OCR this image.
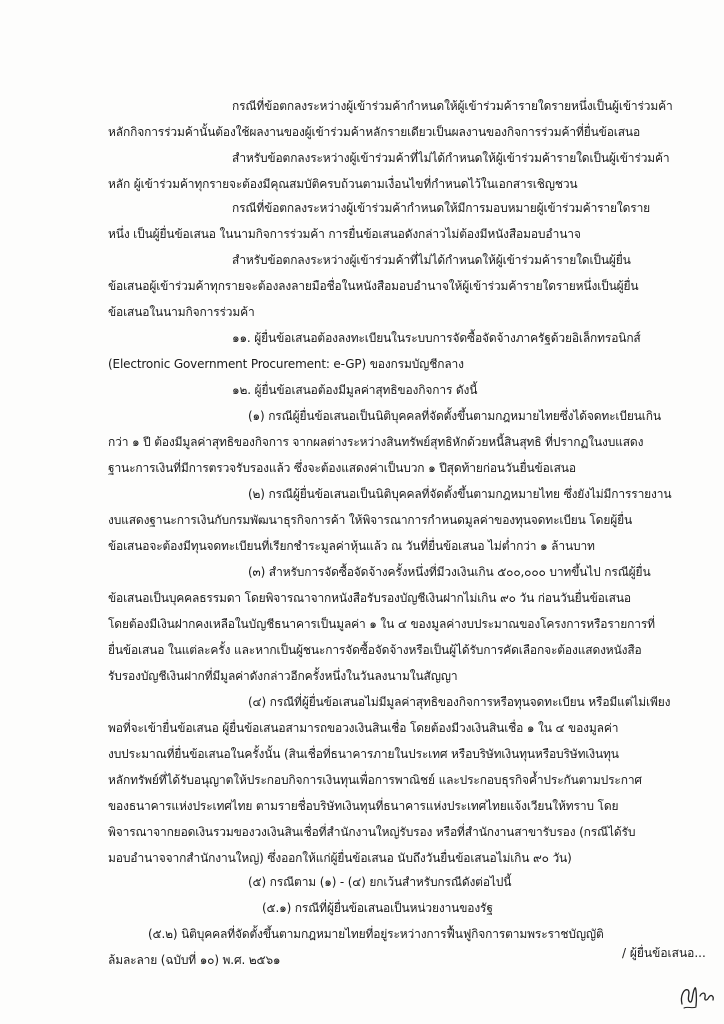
กรณีที่ข้อตกลงระหว่างผู้เข้าร่วมค้ากำหนดให้ผู้เข้าร่วมค้ารายใดรายหนึ่งเป็นผู้เข้าร่วมค้า
หลักกิจการร่วมค้านั้นต้องใช้ผลงานของผู้เข้าร่วมค้าหลักรายเดียวเป็นผลงานของกิจการร่วมค้าที่ยื่นข้อเสนอ
สำหรับข้อตกลงระหว่างผู้เข้าร่วมค้าที่ไม่ได้กำหนดให้ผู้เข้าร่วมค้ารายใดเป็นผู้เข้าร่วมค้า
หลัก ผู้เข้าร่วมค้าทุกรายจะต้องมีคุณสมบัติครบถ้วนตามเงื่อนไขที่กำหนดไว้ในเอกสารเชิญชวน
กรณีที่ข้อตกลงระหว่างผู้เข้าร่วมค้ากำหนดให้มีการมอบหมายผู้เข้าร่วมค้ารายใดราย
หนึ่ง เป็นผู้ยื่นข้อเสนอ ในนามกิจการร่วมค้า การยื่นข้อเสนอดังกล่าวไม่ต้องมีหนังสือมอบอำนาจ
สำหรับข้อตกลงระหว่างผู้เข้าร่วมค้าที่ไม่ได้กำหนดให้ผู้เข้าร่วมค้ารายใดเป็นผู้ยื่น
ข้อเสนอผู้เข้าร่วมค้าทุกรายจะต้องลงลายมือชื่อในหนังสือมอบอำนาจให้ผู้เข้าร่วมค้ารายใดรายหนึ่งเป็นผู้ยื่น
ข้อเสนอในนามกิจการร่วมค้า
๑๑. ผู้ยื่นข้อเสนอต้องลงทะเบียนในระบบการจัดซื้อจัดจ้างภาครัฐด้วยอิเล็กทรอนิกส์
(Electronic Government Procurement: e-GP) ของกรมบัญชีกลาง
๑๒. ผู้ยื่นข้อเสนอต้องมีมูลค่าสุทธิของกิจการ ดังนี้
(๑) กรณีผู้ยื่นข้อเสนอเป็นนิติบุคคลที่จัดตั้งขึ้นตามกฎหมายไทยซึ่งได้จดทะเบียนเกิน
กว่า ๑ ปี ต้องมีมูลค่าสุทธิของกิจการ จากผลต่างระหว่างสินทรัพย์สุทธิหักด้วยหนี้สินสุทธิ ที่ปรากฏในงบแสดง
ฐานะการเงินที่มีการตรวจรับรองแล้ว ซึ่งจะต้องแสดงค่าเป็นบวก ๑ ปีสุดท้ายก่อนวันยื่นข้อเสนอ
(๒) กรณีผู้ยื่นข้อเสนอเป็นนิติบุคคลที่จัดตั้งขึ้นตามกฎหมายไทย ซึ่งยังไม่มีการรายงาน
งบแสดงฐานะการเงินกับกรมพัฒนาธุรกิจการค้า ให้พิจารณาการกำหนดมูลค่าของทุนจดทะเบียน โดยผู้ยื่น
ข้อเสนอจะต้องมีทุนจดทะเบียนที่เรียกชำระมูลค่าหุ้นแล้ว ณ วันที่ยื่นข้อเสนอ ไม่ต่ำกว่า ๑ ล้านบาท
(๓) สำหรับการจัดซื้อจัดจ้างครั้งหนึ่งที่มีวงเงินเกิน ๕๐๐,๐๐๐ บาทขึ้นไป กรณีผู้ยื่น
ข้อเสนอเป็นบุคคลธรรมดา โดยพิจารณาจากหนังสือรับรองบัญชีเงินฝากไม่เกิน ๙๐ วัน ก่อนวันยื่นข้อเสนอ
โดยต้องมีเงินฝากคงเหลือในบัญชีธนาคารเป็นมูลค่า ๑ ใน ๔ ของมูลค่างบประมาณของโครงการหรือรายการที่
ยื่นข้อเสนอ ในแต่ละครั้ง และหากเป็นผู้ชนะการจัดซื้อจัดจ้างหรือเป็นผู้ได้รับการคัดเลือกจะต้องแสดงหนังสือ
รับรองบัญชีเงินฝากที่มีมูลค่าดังกล่าวอีกครั้งหนึ่งในวันลงนามในสัญญา
(๔) กรณีที่ผู้ยื่นข้อเสนอไม่มีมูลค่าสุทธิของกิจการหรือทุนจดทะเบียน หรือมีแต่ไม่เพียง
พอที่จะเข้ายื่นข้อเสนอ ผู้ยื่นข้อเสนอสามารถขอวงเงินสินเชื่อ โดยต้องมีวงเงินสินเชื่อ ๑ ใน ๔ ของมูลค่า
งบประมาณที่ยื่นข้อเสนอในครั้งนั้น (สินเชื่อที่ธนาคารภายในประเทศ หรือบริษัทเงินทุนหรือบริษัทเงินทุน
หลักทรัพย์ที่ได้รับอนุญาตให้ประกอบกิจการเงินทุนเพื่อการพาณิชย์ และประกอบธุรกิจค้ำประกันตามประกาศ
ของธนาคารแห่งประเทศไทย ตามรายชื่อบริษัทเงินทุนที่ธนาคารแห่งประเทศไทยแจ้งเวียนให้ทราบ โดย
พิจารณาจากยอดเงินรวมของวงเงินสินเชื่อที่สำนักงานใหญ่รับรอง หรือที่สำนักงานสาขารับรอง (กรณีได้รับ
มอบอำนาจจากสำนักงานใหญ่) ซึ่งออกให้แก่ผู้ยื่นข้อเสนอ นับถึงวันยื่นข้อเสนอไม่เกิน ๙๐ วัน)
(๕) กรณีตาม (๑) - (๔) ยกเว้นสำหรับกรณีดังต่อไปนี้
(๕.๑) กรณีที่ผู้ยื่นข้อเสนอเป็นหน่วยงานของรัฐ
(๕.๒) นิติบุคคลที่จัดตั้งขึ้นตามกฎหมายไทยที่อยู่ระหว่างการฟื้นฟูกิจการตามพระราชบัญญัติ
ล้มละลาย (ฉบับที่ ๑๐) พ.ศ. ๒๕๖๑	/ ผู้ยื่นข้อเสนอ...
